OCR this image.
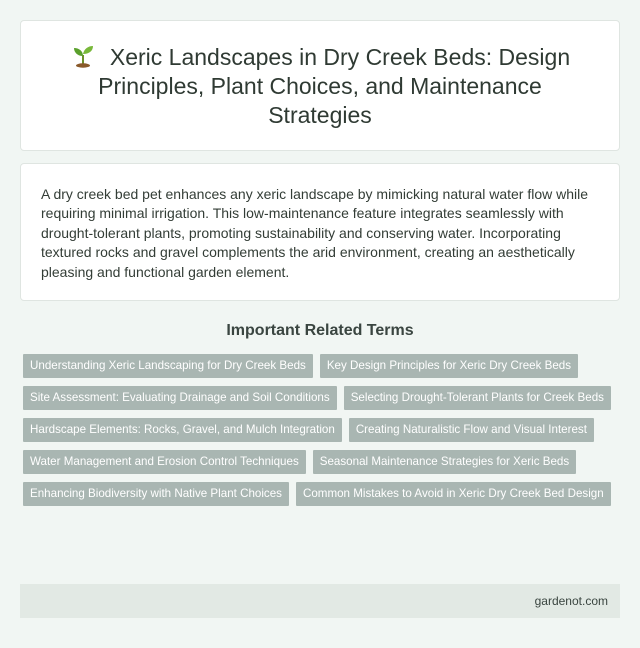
Xeric Landscapes in Dry Creek Beds: Design Principles, Plant Choices, and Maintenance Strategies

A dry creek bed pet enhances any xeric landscape by mimicking natural water flow while requiring minimal irrigation. This low-maintenance feature integrates seamlessly with drought-tolerant plants, promoting sustainability and conserving water. Incorporating textured rocks and gravel complements the arid environment, creating an aesthetically pleasing and functional garden element.

Important Related Terms
Understanding Xeric Landscaping for Dry Creek Beds	Key Design Principles for Xeric Dry Creek Beds
Site Assessment: Evaluating Drainage and Soil Conditions	Selecting Drought-Tolerant Plants for Creek Beds
Hardscape Elements: Rocks, Gravel, and Mulch Integration	Creating Naturalistic Flow and Visual Interest
Water Management and Erosion Control Techniques	Seasonal Maintenance Strategies for Xeric Beds
Enhancing Biodiversity with Native Plant Choices	Common Mistakes to Avoid in Xeric Dry Creek Bed Design
gardenot.com
